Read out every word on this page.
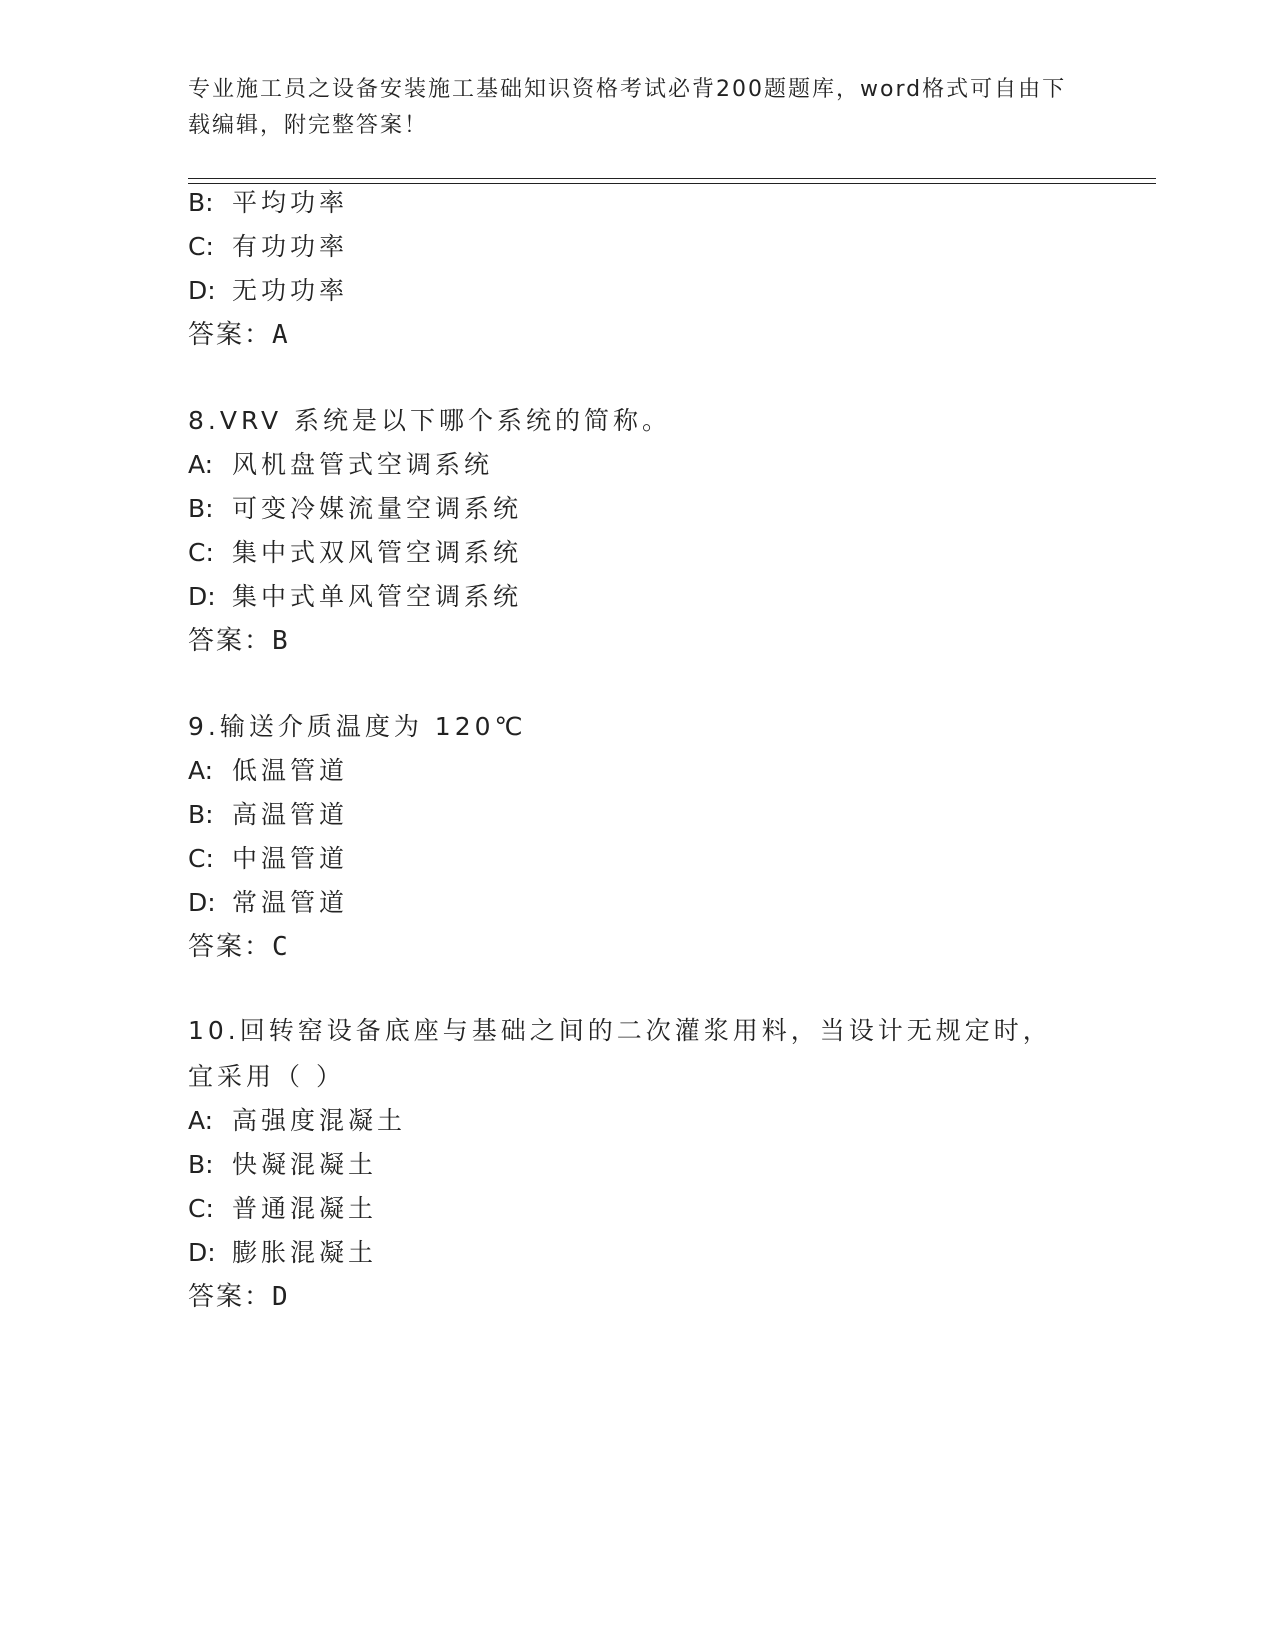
专业施工员之设备安装施工基础知识资格考试必背200题题库，word格式可自由下载编辑，附完整答案！
B: 平均功率
C: 有功功率
D: 无功功率
答案：A
8.VRV 系统是以下哪个系统的简称。
A: 风机盘管式空调系统
B: 可变冷媒流量空调系统
C: 集中式双风管空调系统
D: 集中式单风管空调系统
答案：B
9.输送介质温度为 120℃
A: 低温管道
B: 高温管道
C: 中温管道
D: 常温管道
答案：C
10.回转窑设备底座与基础之间的二次灌浆用料，当设计无规定时，宜采用（ ）
A: 高强度混凝土
B: 快凝混凝土
C: 普通混凝土
D: 膨胀混凝土
答案：D
